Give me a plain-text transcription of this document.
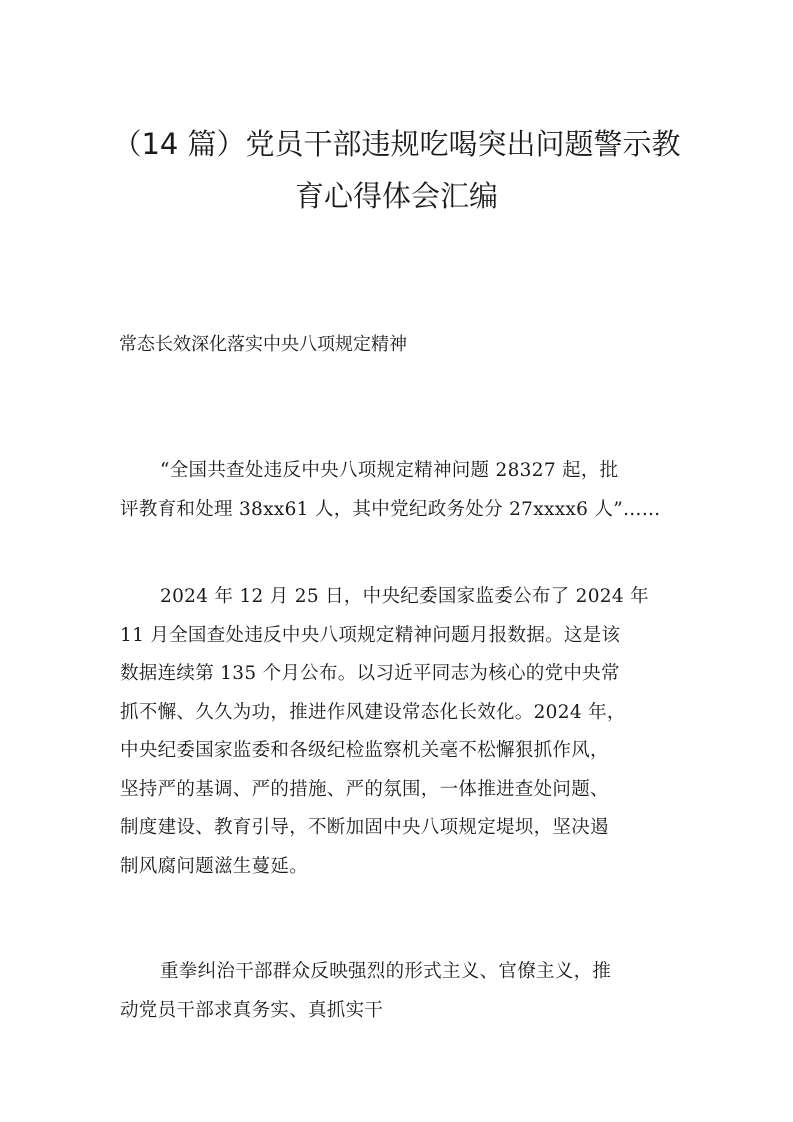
（14 篇）党员干部违规吃喝突出问题警示教
育心得体会汇编

常态长效深化落实中央八项规定精神

“全国共查处违反中央八项规定精神问题 28327 起，批
评教育和处理 38xx61 人，其中党纪政务处分 27xxxx6 人”……

2024 年 12 月 25 日，中央纪委国家监委公布了 2024 年
11 月全国查处违反中央八项规定精神问题月报数据。这是该
数据连续第 135 个月公布。以习近平同志为核心的党中央常
抓不懈、久久为功，推进作风建设常态化长效化。2024 年，
中央纪委国家监委和各级纪检监察机关毫不松懈狠抓作风，
坚持严的基调、严的措施、严的氛围，一体推进查处问题、
制度建设、教育引导，不断加固中央八项规定堤坝，坚决遏
制风腐问题滋生蔓延。

重拳纠治干部群众反映强烈的形式主义、官僚主义，推
动党员干部求真务实、真抓实干
